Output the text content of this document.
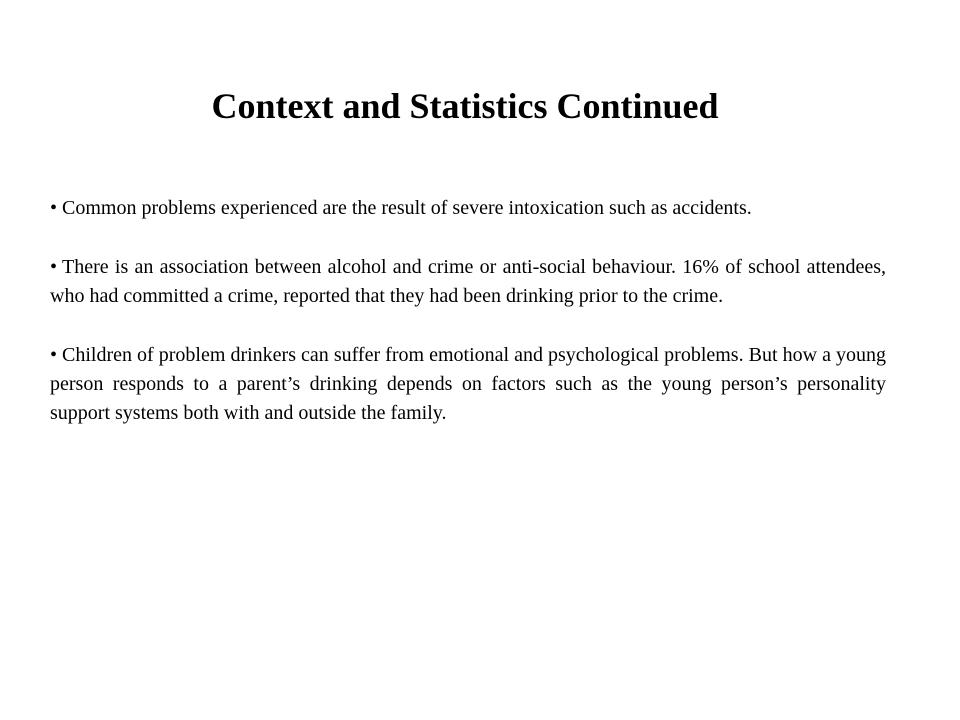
Context and Statistics Continued
• Common problems experienced are the result of severe intoxication such as accidents.
• There is an association between alcohol and crime or anti-social behaviour. 16% of school attendees, who had committed a crime, reported that they had been drinking prior to the crime.
• Children of problem drinkers can suffer from emotional and psychological problems. But how a young person responds to a parent’s drinking depends on factors such as the young person’s personality support systems both with and outside the family.
